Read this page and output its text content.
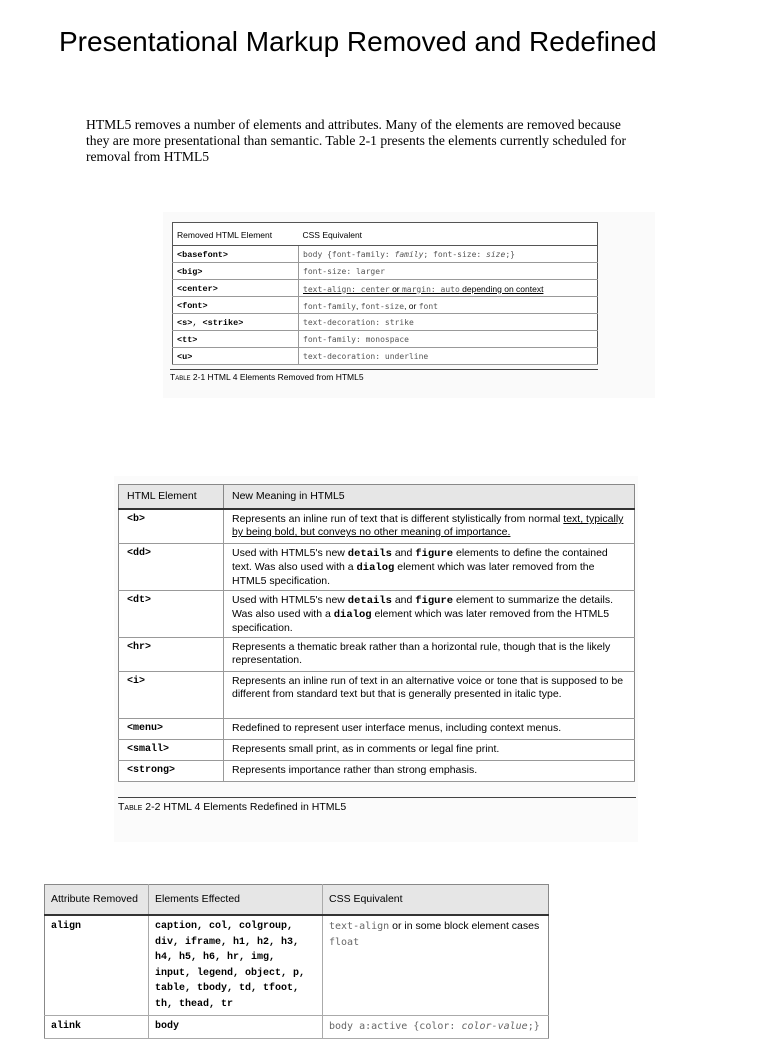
Presentational Markup Removed and Redefined

HTML5 removes a number of elements and attributes. Many of the elements are removed because they are more presentational than semantic. Table 2-1 presents the elements currently scheduled for removal from HTML5

Removed HTML Element	CSS Equivalent
<basefont>	body {font-family: family; font-size: size;}
<big>	font-size: larger
<center>	text-align: center or margin: auto depending on context
<font>	font-family, font-size, or font
<s>, <strike>	text-decoration: strike
<tt>	font-family: monospace
<u>	text-decoration: underline
Table 2-1 HTML 4 Elements Removed from HTML5
HTML Element	New Meaning in HTML5
<b>	Represents an inline run of text that is different stylistically from normal text, typically by being bold, but conveys no other meaning of importance.
<dd>	Used with HTML5's new details and figure elements to define the contained text. Was also used with a dialog element which was later removed from the HTML5 specification.
<dt>	Used with HTML5's new details and figure element to summarize the details. Was also used with a dialog element which was later removed from the HTML5 specification.
<hr>	Represents a thematic break rather than a horizontal rule, though that is the likely representation.
<i>	Represents an inline run of text in an alternative voice or tone that is supposed to be different from standard text but that is generally presented in italic type.
<menu>	Redefined to represent user interface menus, including context menus.
<small>	Represents small print, as in comments or legal fine print.
<strong>	Represents importance rather than strong emphasis.
Table 2-2 HTML 4 Elements Redefined in HTML5
Attribute Removed	Elements Effected	CSS Equivalent
align	caption, col, colgroup, div, iframe, h1, h2, h3, h4, h5, h6, hr, img, input, legend, object, p, table, tbody, td, tfoot, th, thead, tr	text-align or in some block element cases float
alink	body	body a:active {color: color-value;}
